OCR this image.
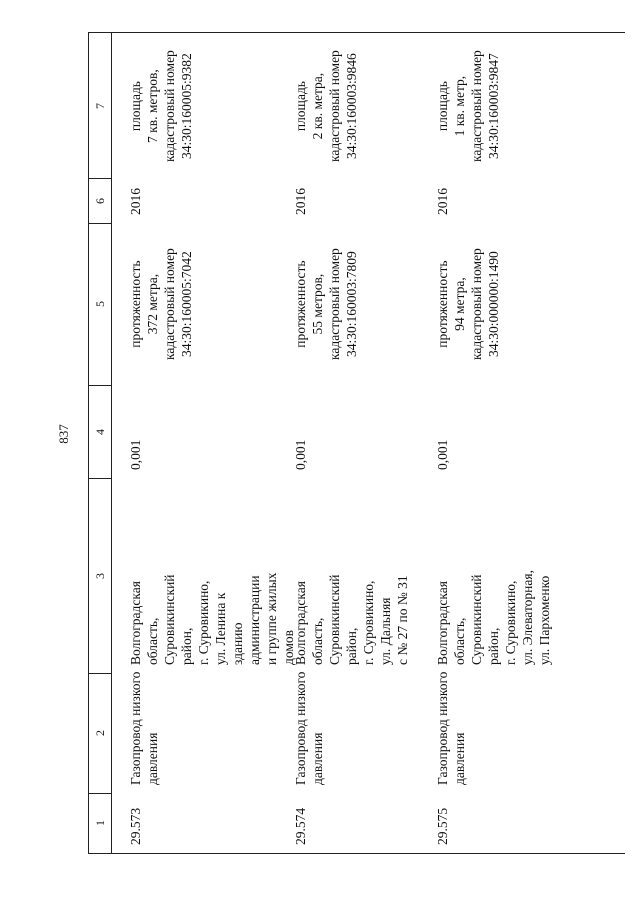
837
1
2
3
4
5
6
7
29.573
Газопровод низкого давления
Волгоградская область, Суровикинский район, г. Суровикино, ул. Ленина к зданию администрации и группе жилых домов
0,001
протяженность 372 метра, кадастровый номер 34:30:160005:7042
2016
площадь 7 кв. метров, кадастровый номер 34:30:160005:9382
29.574
Газопровод низкого давления
Волгоградская область, Суровикинский район, г. Суровикино, ул. Дальняя с № 27 по № 31
0,001
протяженность 55 метров, кадастровый номер 34:30:160003:7809
2016
площадь 2 кв. метра, кадастровый номер 34:30:160003:9846
29.575
Газопровод низкого давления
Волгоградская область, Суровикинский район, г. Суровикино, ул. Элеваторная, ул. Пархоменко
0,001
протяженность 94 метра, кадастровый номер 34:30:000000:1490
2016
площадь 1 кв. метр, кадастровый номер 34:30:160003:9847
